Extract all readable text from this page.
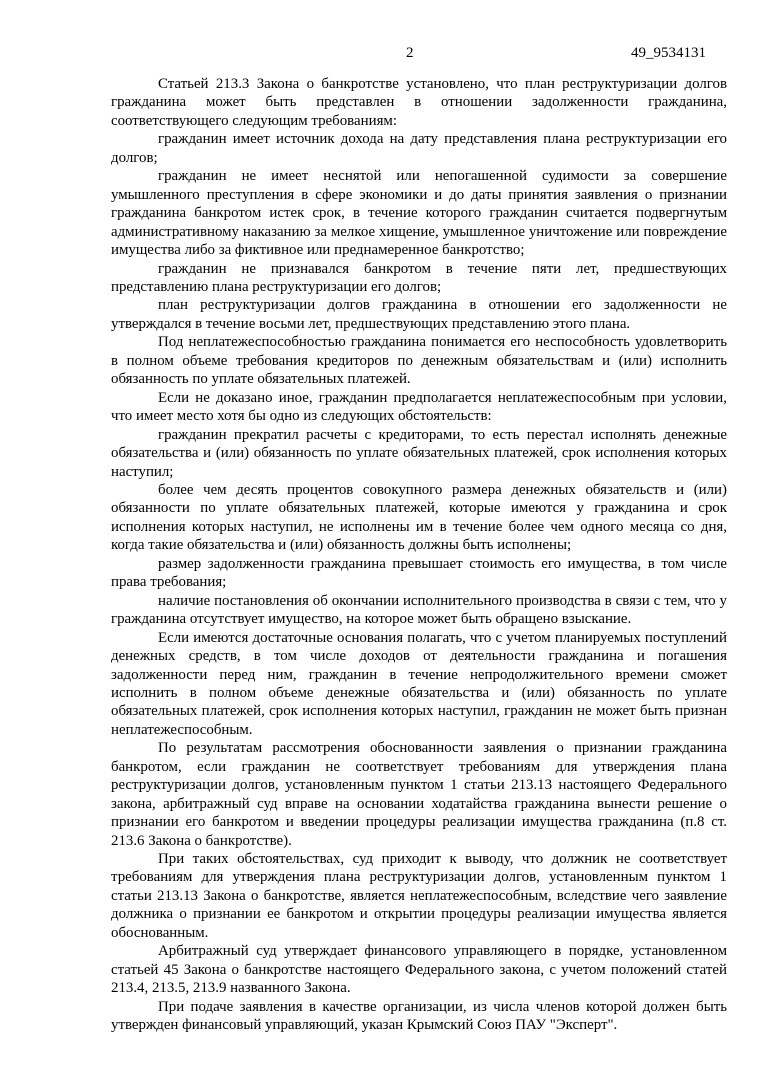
2	49_9534131

Статьей 213.3 Закона о банкротстве установлено, что план реструктуризации долгов гражданина может быть представлен в отношении задолженности гражданина, соответствующего следующим требованиям:

гражданин имеет источник дохода на дату представления плана реструктуризации его долгов;

гражданин не имеет неснятой или непогашенной судимости за совершение умышленного преступления в сфере экономики и до даты принятия заявления о признании гражданина банкротом истек срок, в течение которого гражданин считается подвергнутым административному наказанию за мелкое хищение, умышленное уничтожение или повреждение имущества либо за фиктивное или преднамеренное банкротство;

гражданин не признавался банкротом в течение пяти лет, предшествующих представлению плана реструктуризации его долгов;

план реструктуризации долгов гражданина в отношении его задолженности не утверждался в течение восьми лет, предшествующих представлению этого плана.

Под неплатежеспособностью гражданина понимается его неспособность удовлетворить в полном объеме требования кредиторов по денежным обязательствам и (или) исполнить обязанность по уплате обязательных платежей.

Если не доказано иное, гражданин предполагается неплатежеспособным при условии, что имеет место хотя бы одно из следующих обстоятельств:

гражданин прекратил расчеты с кредиторами, то есть перестал исполнять денежные обязательства и (или) обязанность по уплате обязательных платежей, срок исполнения которых наступил;

более чем десять процентов совокупного размера денежных обязательств и (или) обязанности по уплате обязательных платежей, которые имеются у гражданина и срок исполнения которых наступил, не исполнены им в течение более чем одного месяца со дня, когда такие обязательства и (или) обязанность должны быть исполнены;

размер задолженности гражданина превышает стоимость его имущества, в том числе права требования;

наличие постановления об окончании исполнительного производства в связи с тем, что у гражданина отсутствует имущество, на которое может быть обращено взыскание.

Если имеются достаточные основания полагать, что с учетом планируемых поступлений денежных средств, в том числе доходов от деятельности гражданина и погашения задолженности перед ним, гражданин в течение непродолжительного времени сможет исполнить в полном объеме денежные обязательства и (или) обязанность по уплате обязательных платежей, срок исполнения которых наступил, гражданин не может быть признан неплатежеспособным.

По результатам рассмотрения обоснованности заявления о признании гражданина банкротом, если гражданин не соответствует требованиям для утверждения плана реструктуризации долгов, установленным пунктом 1 статьи 213.13 настоящего Федерального закона, арбитражный суд вправе на основании ходатайства гражданина вынести решение о признании его банкротом и введении процедуры реализации имущества гражданина (п.8 ст. 213.6 Закона о банкротстве).

При таких обстоятельствах, суд приходит к выводу, что должник не соответствует требованиям для утверждения плана реструктуризации долгов, установленным пунктом 1 статьи 213.13 Закона о банкротстве, является неплатежеспособным, вследствие чего заявление должника о признании ее банкротом и открытии процедуры реализации имущества является обоснованным.

Арбитражный суд утверждает финансового управляющего в порядке, установленном статьей 45 Закона о банкротстве настоящего Федерального закона, с учетом положений статей 213.4, 213.5, 213.9 названного Закона.

При подаче заявления в качестве организации, из числа членов которой должен быть утвержден финансовый управляющий, указан Крымский Союз ПАУ "Эксперт".
